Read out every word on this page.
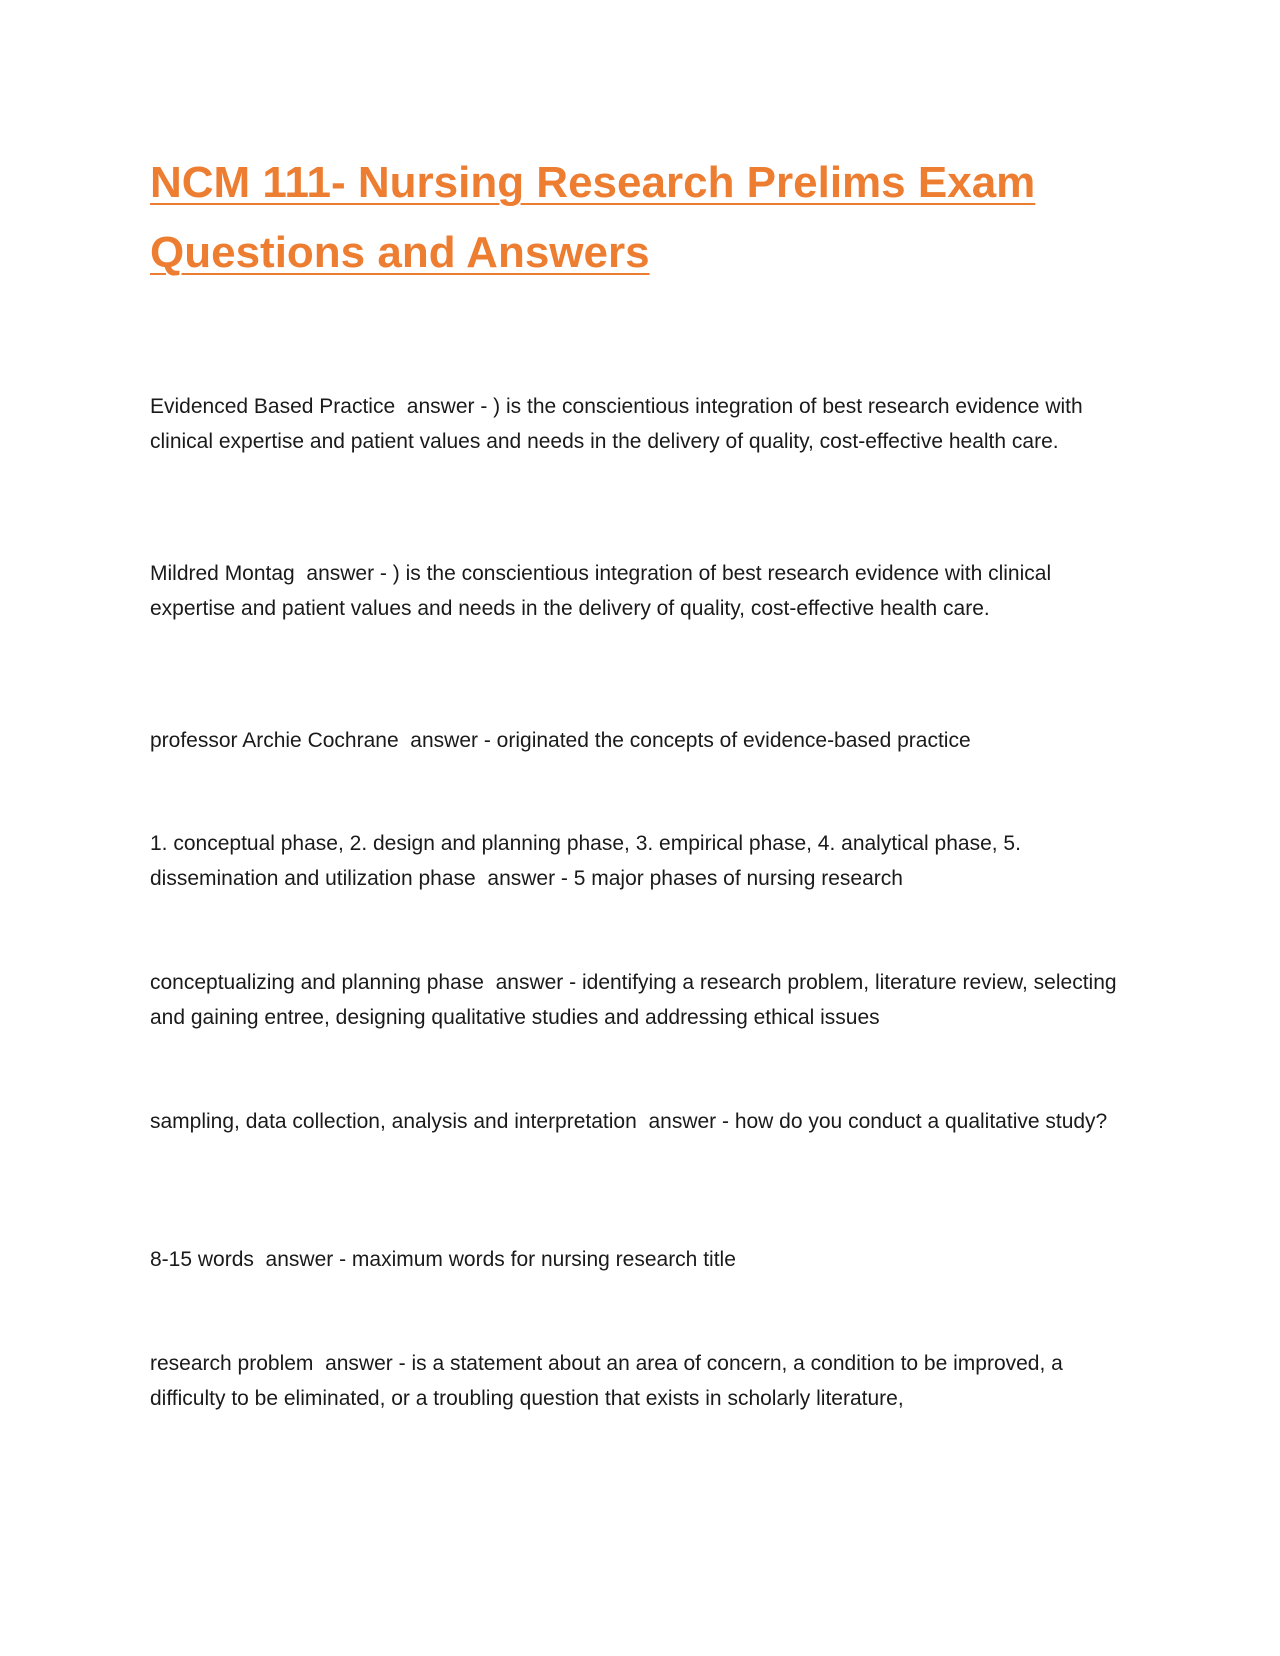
NCM 111- Nursing Research Prelims Exam Questions and Answers

Evidenced Based Practice  answer - ) is the conscientious integration of best research evidence with clinical expertise and patient values and needs in the delivery of quality, cost-effective health care.

Mildred Montag  answer - ) is the conscientious integration of best research evidence with clinical expertise and patient values and needs in the delivery of quality, cost-effective health care.

professor Archie Cochrane  answer - originated the concepts of evidence-based practice

1. conceptual phase, 2. design and planning phase, 3. empirical phase, 4. analytical phase, 5. dissemination and utilization phase  answer - 5 major phases of nursing research

conceptualizing and planning phase  answer - identifying a research problem, literature review, selecting and gaining entree, designing qualitative studies and addressing ethical issues

sampling, data collection, analysis and interpretation  answer - how do you conduct a qualitative study?

8-15 words  answer - maximum words for nursing research title

research problem  answer - is a statement about an area of concern, a condition to be improved, a difficulty to be eliminated, or a troubling question that exists in scholarly literature,
